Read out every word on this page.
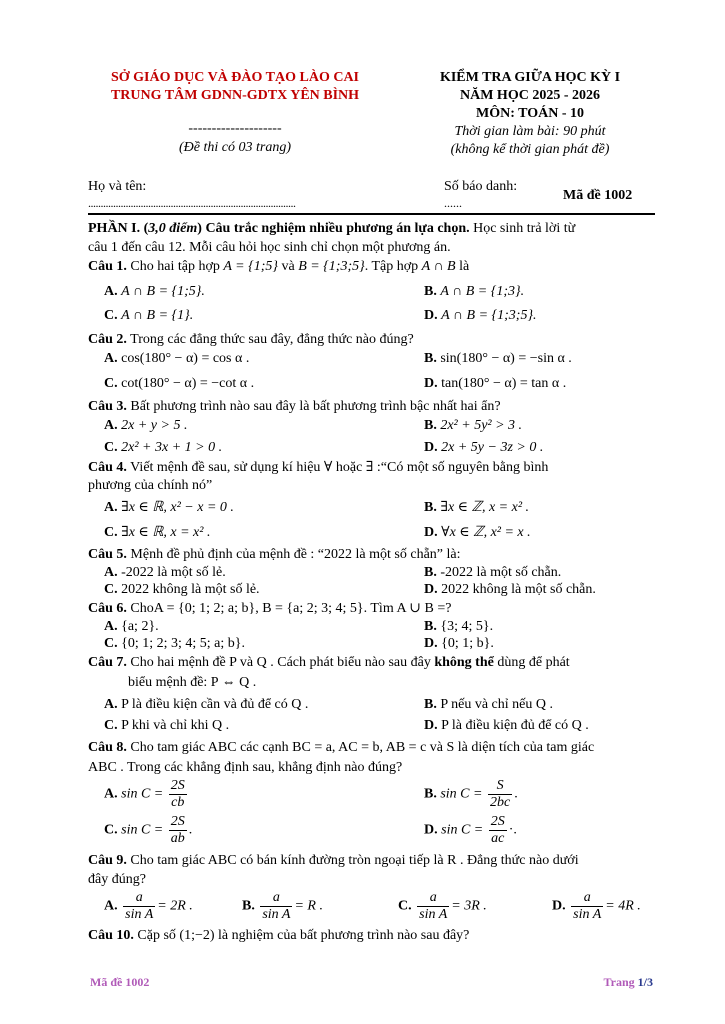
SỞ GIÁO DỤC VÀ ĐÀO TẠO LÀO CAI
TRUNG TÂM GDNN-GDTX YÊN BÌNH
--------------------
(Đề thi có 03 trang)
KIỂM TRA GIỮA HỌC KỲ I
NĂM HỌC 2025 - 2026
MÔN: TOÁN - 10
Thời gian làm bài: 90 phút
(không kể thời gian phát đề)
Họ và tên:
...................................................................................
Số báo danh:
......	Mã đề 1002
PHẦN I. (3,0 điểm) Câu trắc nghiệm nhiều phương án lựa chọn. Học sinh trả lời từ
câu 1 đến câu 12. Mỗi câu hỏi học sinh chỉ chọn một phương án.
Câu 1. Cho hai tập hợp A = {1;5} và B = {1;3;5}. Tập hợp A ∩ B là
A. A ∩ B = {1;5}.	B. A ∩ B = {1;3}.
C. A ∩ B = {1}.	D. A ∩ B = {1;3;5}.
Câu 2. Trong các đẳng thức sau đây, đẳng thức nào đúng?
A. cos(180° − α) = cos α .	B. sin(180° − α) = −sin α .
C. cot(180° − α) = −cot α .	D. tan(180° − α) = tan α .
Câu 3. Bất phương trình nào sau đây là bất phương trình bậc nhất hai ẩn?
A. 2x + y > 5 .	B. 2x² + 5y² > 3 .
C. 2x² + 3x + 1 > 0 .	D. 2x + 5y − 3z > 0 .
Câu 4. Viết mệnh đề sau, sử dụng kí hiệu ∀ hoặc ∃ :“Có một số nguyên bằng bình
phương của chính nó”
A. ∃x ∈ ℝ, x² − x = 0 .	B. ∃x ∈ ℤ, x = x² .
C. ∃x ∈ ℝ, x = x² .	D. ∀x ∈ ℤ, x² = x .
Câu 5. Mệnh đề phủ định của mệnh đề : “2022 là một số chẵn” là:
A. -2022 là một số lẻ.	B. -2022 là một số chẵn.
C. 2022 không là một số lẻ.	D. 2022 không là một số chẵn.
Câu 6. ChoA = {0; 1; 2; a; b}, B = {a; 2; 3; 4; 5}. Tìm A ∪ B =?
A. {a; 2}.	B. {3; 4; 5}.
C. {0; 1; 2; 3; 4; 5; a; b}.	D. {0; 1; b}.
Câu 7. Cho hai mệnh đề P và Q . Cách phát biểu nào sau đây không thể dùng để phát
biểu mệnh đề: P ⇔ Q .
A. P là điều kiện cần và đủ để có Q .	B. P nếu và chỉ nếu Q .
C. P khi và chỉ khi Q .	D. P là điều kiện đủ để có Q .
Câu 8. Cho tam giác ABC các cạnh BC = a, AC = b, AB = c và S là diện tích của tam giác
ABC . Trong các khẳng định sau, khẳng định nào đúng?
A. $\sin C = \frac{2S}{cb}$	B. $\sin C = \frac{S}{2bc}$ .
C. $\sin C = \frac{2S}{ab}$ .	D. $\sin C = \frac{2S}{ac}$ ·.
Câu 9. Cho tam giác ABC có bán kính đường tròn ngoại tiếp là R . Đẳng thức nào dưới
đây đúng?
A. $\frac{a}{\text{sin A}} = 2R$ .	B. $\frac{a}{\text{sin A}} = R$ .	C. $\frac{a}{\text{sin A}} = 3R$ .	D. $\frac{a}{\text{sin A}} = 4R$ .
Câu 10. Cặp số (1;−2) là nghiệm của bất phương trình nào sau đây?
Mã đề 1002	Trang 1/3
